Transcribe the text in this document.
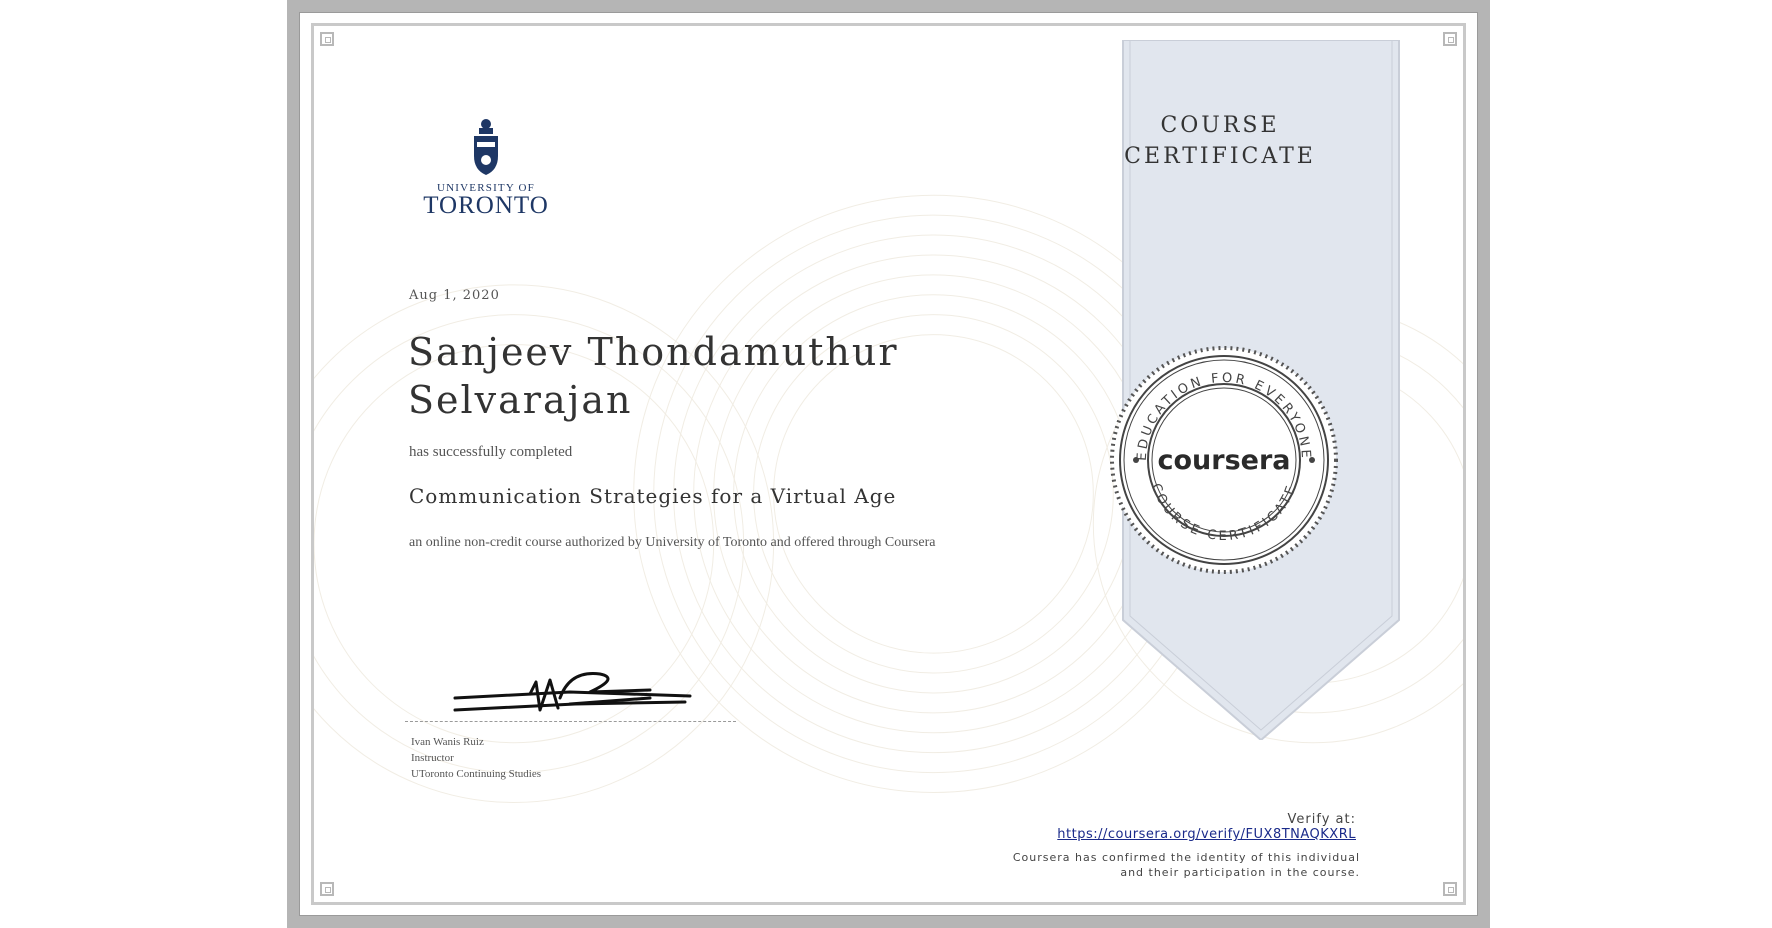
UNIVERSITY OF
TORONTO
Aug 1, 2020
Sanjeev Thondamuthur Selvarajan
has successfully completed
Communication Strategies for a Virtual Age
an online non-credit course authorized by University of Toronto and offered through Coursera
Ivan Wanis Ruiz
Instructor
UToronto Continuing Studies
COURSE
CERTIFICATE
EDUCATION FOR EVERYONE
COURSE CERTIFICATE
coursera
Verify at:
https://coursera.org/verify/FUX8TNAQKXRL
Coursera has confirmed the identity of this individual and their participation in the course.
